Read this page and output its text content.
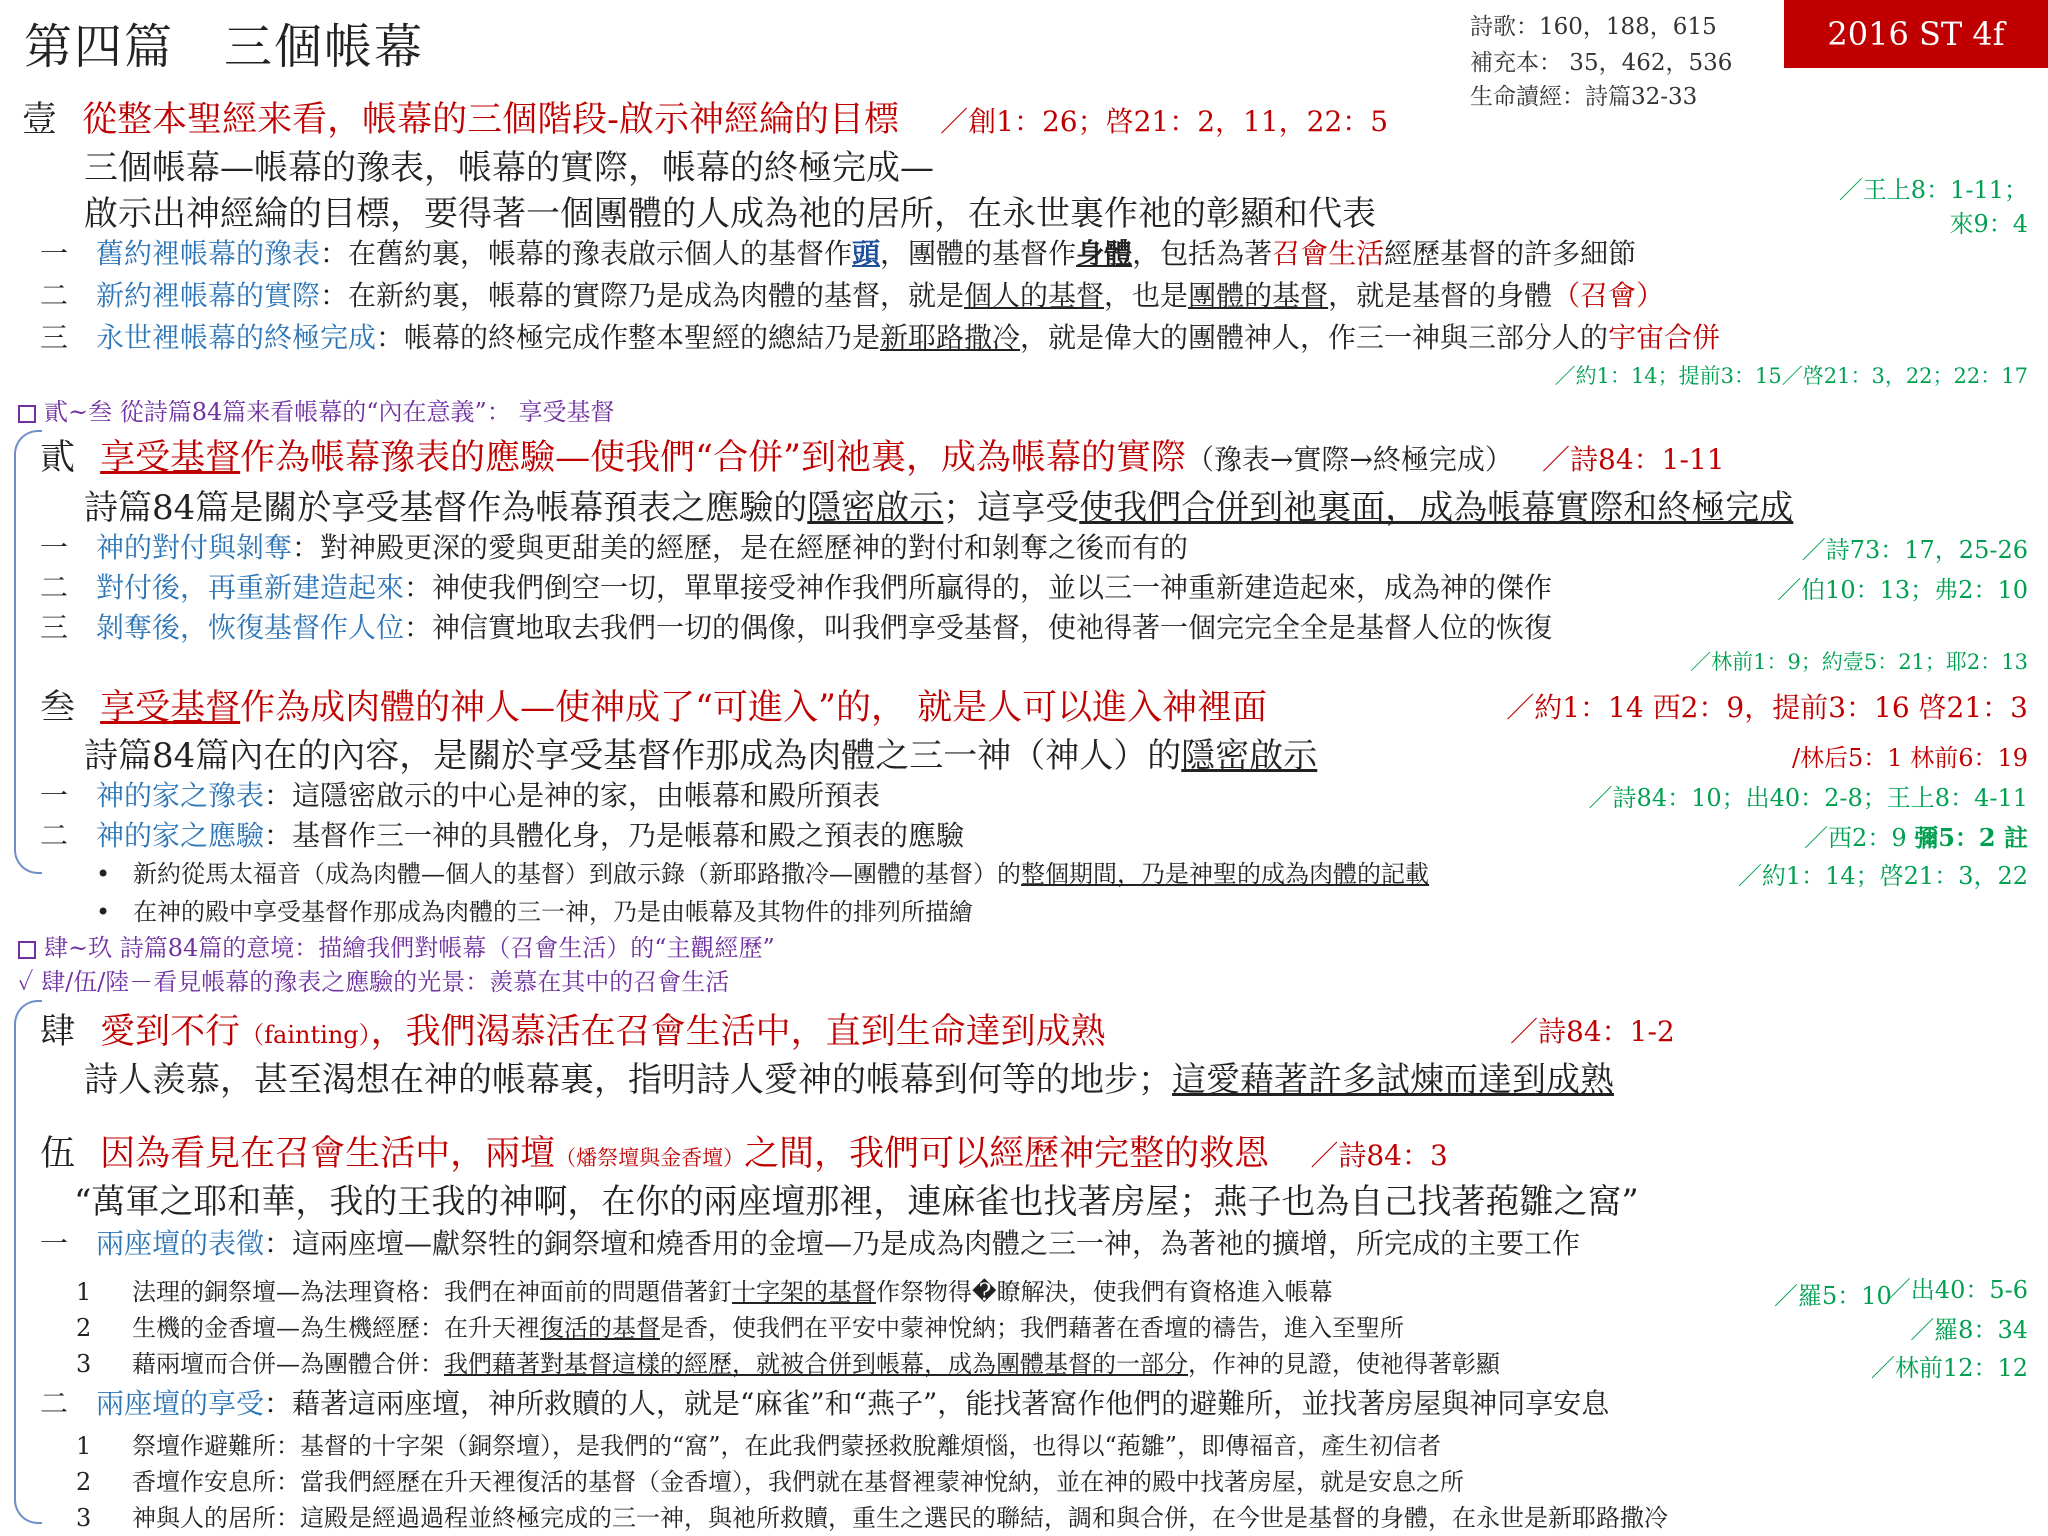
第四篇　三個帳幕	詩歌：160，188，615
補充本： 35，462，536
生命讀經：詩篇32-33
2016 ST 4f
壹 從整本聖經来看，帳幕的三個階段-啟示神經綸的目標 ／創1：26；啓21：2，11，22：5
三個帳幕—帳幕的豫表，帳幕的實際，帳幕的終極完成—
啟示出神經綸的目標，要得著一個團體的人成為祂的居所，在永世裏作祂的彰顯和代表
／王上8：1-11；
來9：4
一 舊約裡帳幕的豫表：在舊約裏，帳幕的豫表啟示個人的基督作頭，團體的基督作身體，包括為著召會生活經歷基督的許多細節
二 新約裡帳幕的實際：在新約裏，帳幕的實際乃是成為肉體的基督，就是個人的基督，也是團體的基督，就是基督的身體（召會）
三 永世裡帳幕的終極完成：帳幕的終極完成作整本聖經的總結乃是新耶路撒冷，就是偉大的團體神人，作三一神與三部分人的宇宙合併
／約1：14；提前3：15／啓21：3，22；22：17
貳~叁 從詩篇84篇来看帳幕的“內在意義”： 享受基督
貳 享受基督作為帳幕豫表的應驗—使我們“合併”到祂裏，成為帳幕的實際（豫表→實際→終極完成） ／詩84：1-11
詩篇84篇是關於享受基督作為帳幕預表之應驗的隱密啟示；這享受使我們合併到祂裏面，成為帳幕實際和終極完成
一 神的對付與剝奪：對神殿更深的愛與更甜美的經歷，是在經歷神的對付和剝奪之後而有的	／詩73：17，25-26
二 對付後，再重新建造起來：神使我們倒空一切，單單接受神作我們所贏得的，並以三一神重新建造起來，成為神的傑作	／伯10：13；弗2：10
三 剝奪後，恢復基督作人位：神信實地取去我們一切的偶像，叫我們享受基督，使祂得著一個完完全全是基督人位的恢復
／林前1：9；約壹5：21；耶2：13
叁 享受基督作為成肉體的神人—使神成了“可進入”的， 就是人可以進入神裡面	／約1：14 西2：9，提前3：16 啓21：3
詩篇84篇內在的內容，是關於享受基督作那成為肉體之三一神（神人）的隱密啟示	/林后5：1 林前6：19
一 神的家之豫表：這隱密啟示的中心是神的家，由帳幕和殿所預表	／詩84：10；出40：2-8；王上8：4-11
二 神的家之應驗：基督作三一神的具體化身，乃是帳幕和殿之預表的應驗	／西2：9 彌5：2 註
•   新約從馬太福音（成為肉體—個人的基督）到啟示錄（新耶路撒冷—團體的基督）的整個期間，乃是神聖的成為肉體的記載	／約1：14；啓21：3，22
•   在神的殿中享受基督作那成為肉體的三一神，乃是由帳幕及其物件的排列所描繪
肆~玖 詩篇84篇的意境：描繪我們對帳幕（召會生活）的“主觀經歷”
✓ 肆/伍/陸－看見帳幕的豫表之應驗的光景：羨慕在其中的召會生活
肆 愛到不行（fainting），我們渴慕活在召會生活中，直到生命達到成熟	／詩84：1-2
詩人羨慕，甚至渴想在神的帳幕裏，指明詩人愛神的帳幕到何等的地步；這愛藉著許多試煉而達到成熟
伍 因為看見在召會生活中，兩壇（燔祭壇與金香壇）之間，我們可以經歷神完整的救恩 ／詩84：3
“萬軍之耶和華，我的王我的神啊，在你的兩座壇那裡，連麻雀也找著房屋；燕子也為自己找著菢雛之窩”
一 兩座壇的表徵：這兩座壇—獻祭牲的銅祭壇和燒香用的金壇—乃是成為肉體之三一神，為著祂的擴增，所完成的主要工作
1 法理的銅祭壇—為法理資格：我們在神面前的問題借著釘十字架的基督作祭物得�瞭解決，使我們有資格進入帳幕	／羅5：10
／出40：5-6
2 生機的金香壇—為生機經歷：在升天裡復活的基督是香，使我們在平安中蒙神悅納；我們藉著在香壇的禱告，進入至聖所	／羅8：34
3 藉兩壇而合併—為團體合併：我們藉著對基督這樣的經歷，就被合併到帳幕，成為團體基督的一部分，作神的見證，使祂得著彰顯	／林前12：12
二 兩座壇的享受：藉著這兩座壇，神所救贖的人，就是“麻雀”和“燕子”，能找著窩作他們的避難所，並找著房屋與神同享安息
1 祭壇作避難所：基督的十字架（銅祭壇），是我們的“窩”，在此我們蒙拯救脫離煩惱，也得以“菢雛”，即傳福音，產生初信者
2 香壇作安息所：當我們經歷在升天裡復活的基督（金香壇），我們就在基督裡蒙神悅納，並在神的殿中找著房屋，就是安息之所
3 神與人的居所：這殿是經過過程並終極完成的三一神，與祂所救贖，重生之選民的聯結，調和與合併，在今世是基督的身體，在永世是新耶路撒冷
